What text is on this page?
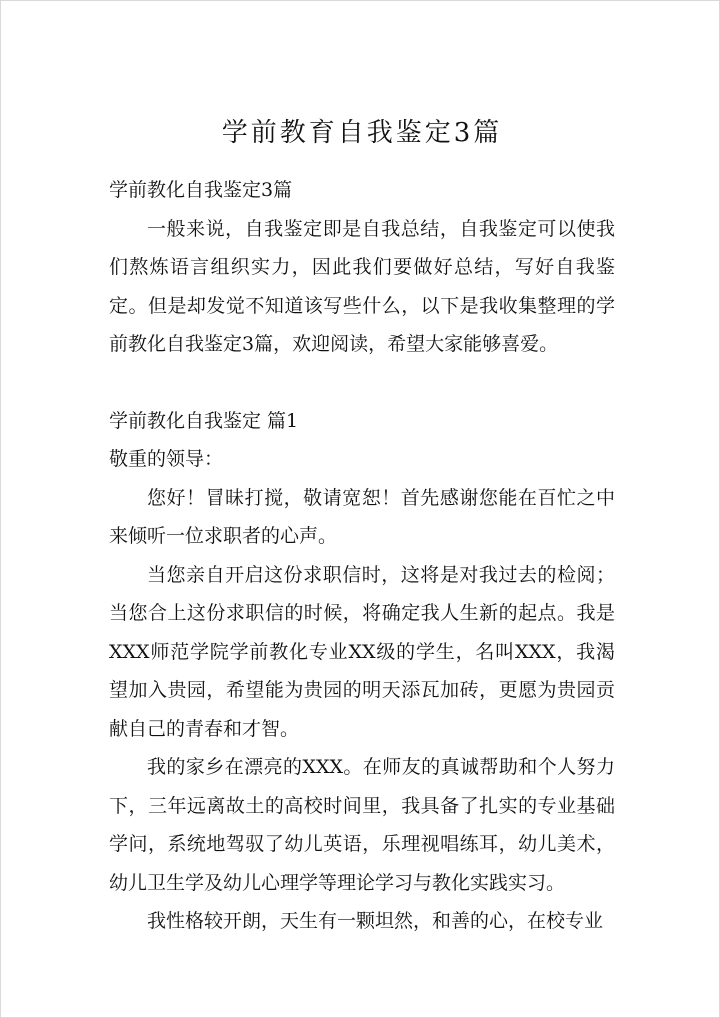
学前教育自我鉴定3篇

学前教化自我鉴定3篇

一般来说，自我鉴定即是自我总结，自我鉴定可以使我们熬炼语言组织实力，因此我们要做好总结，写好自我鉴定。但是却发觉不知道该写些什么，以下是我收集整理的学前教化自我鉴定3篇，欢迎阅读，希望大家能够喜爱。

学前教化自我鉴定 篇1

敬重的领导：

您好！冒昧打搅，敬请宽恕！首先感谢您能在百忙之中来倾听一位求职者的心声。

当您亲自开启这份求职信时，这将是对我过去的检阅；当您合上这份求职信的时候，将确定我人生新的起点。我是XXX师范学院学前教化专业XX级的学生，名叫XXX，我渴望加入贵园，希望能为贵园的明天添瓦加砖，更愿为贵园贡献自己的青春和才智。

我的家乡在漂亮的XXX。在师友的真诚帮助和个人努力下，三年远离故土的高校时间里，我具备了扎实的专业基础学问，系统地驾驭了幼儿英语，乐理视唱练耳，幼儿美术，幼儿卫生学及幼儿心理学等理论学习与教化实践实习。

我性格较开朗，天生有一颗坦然，和善的心，在校专业
